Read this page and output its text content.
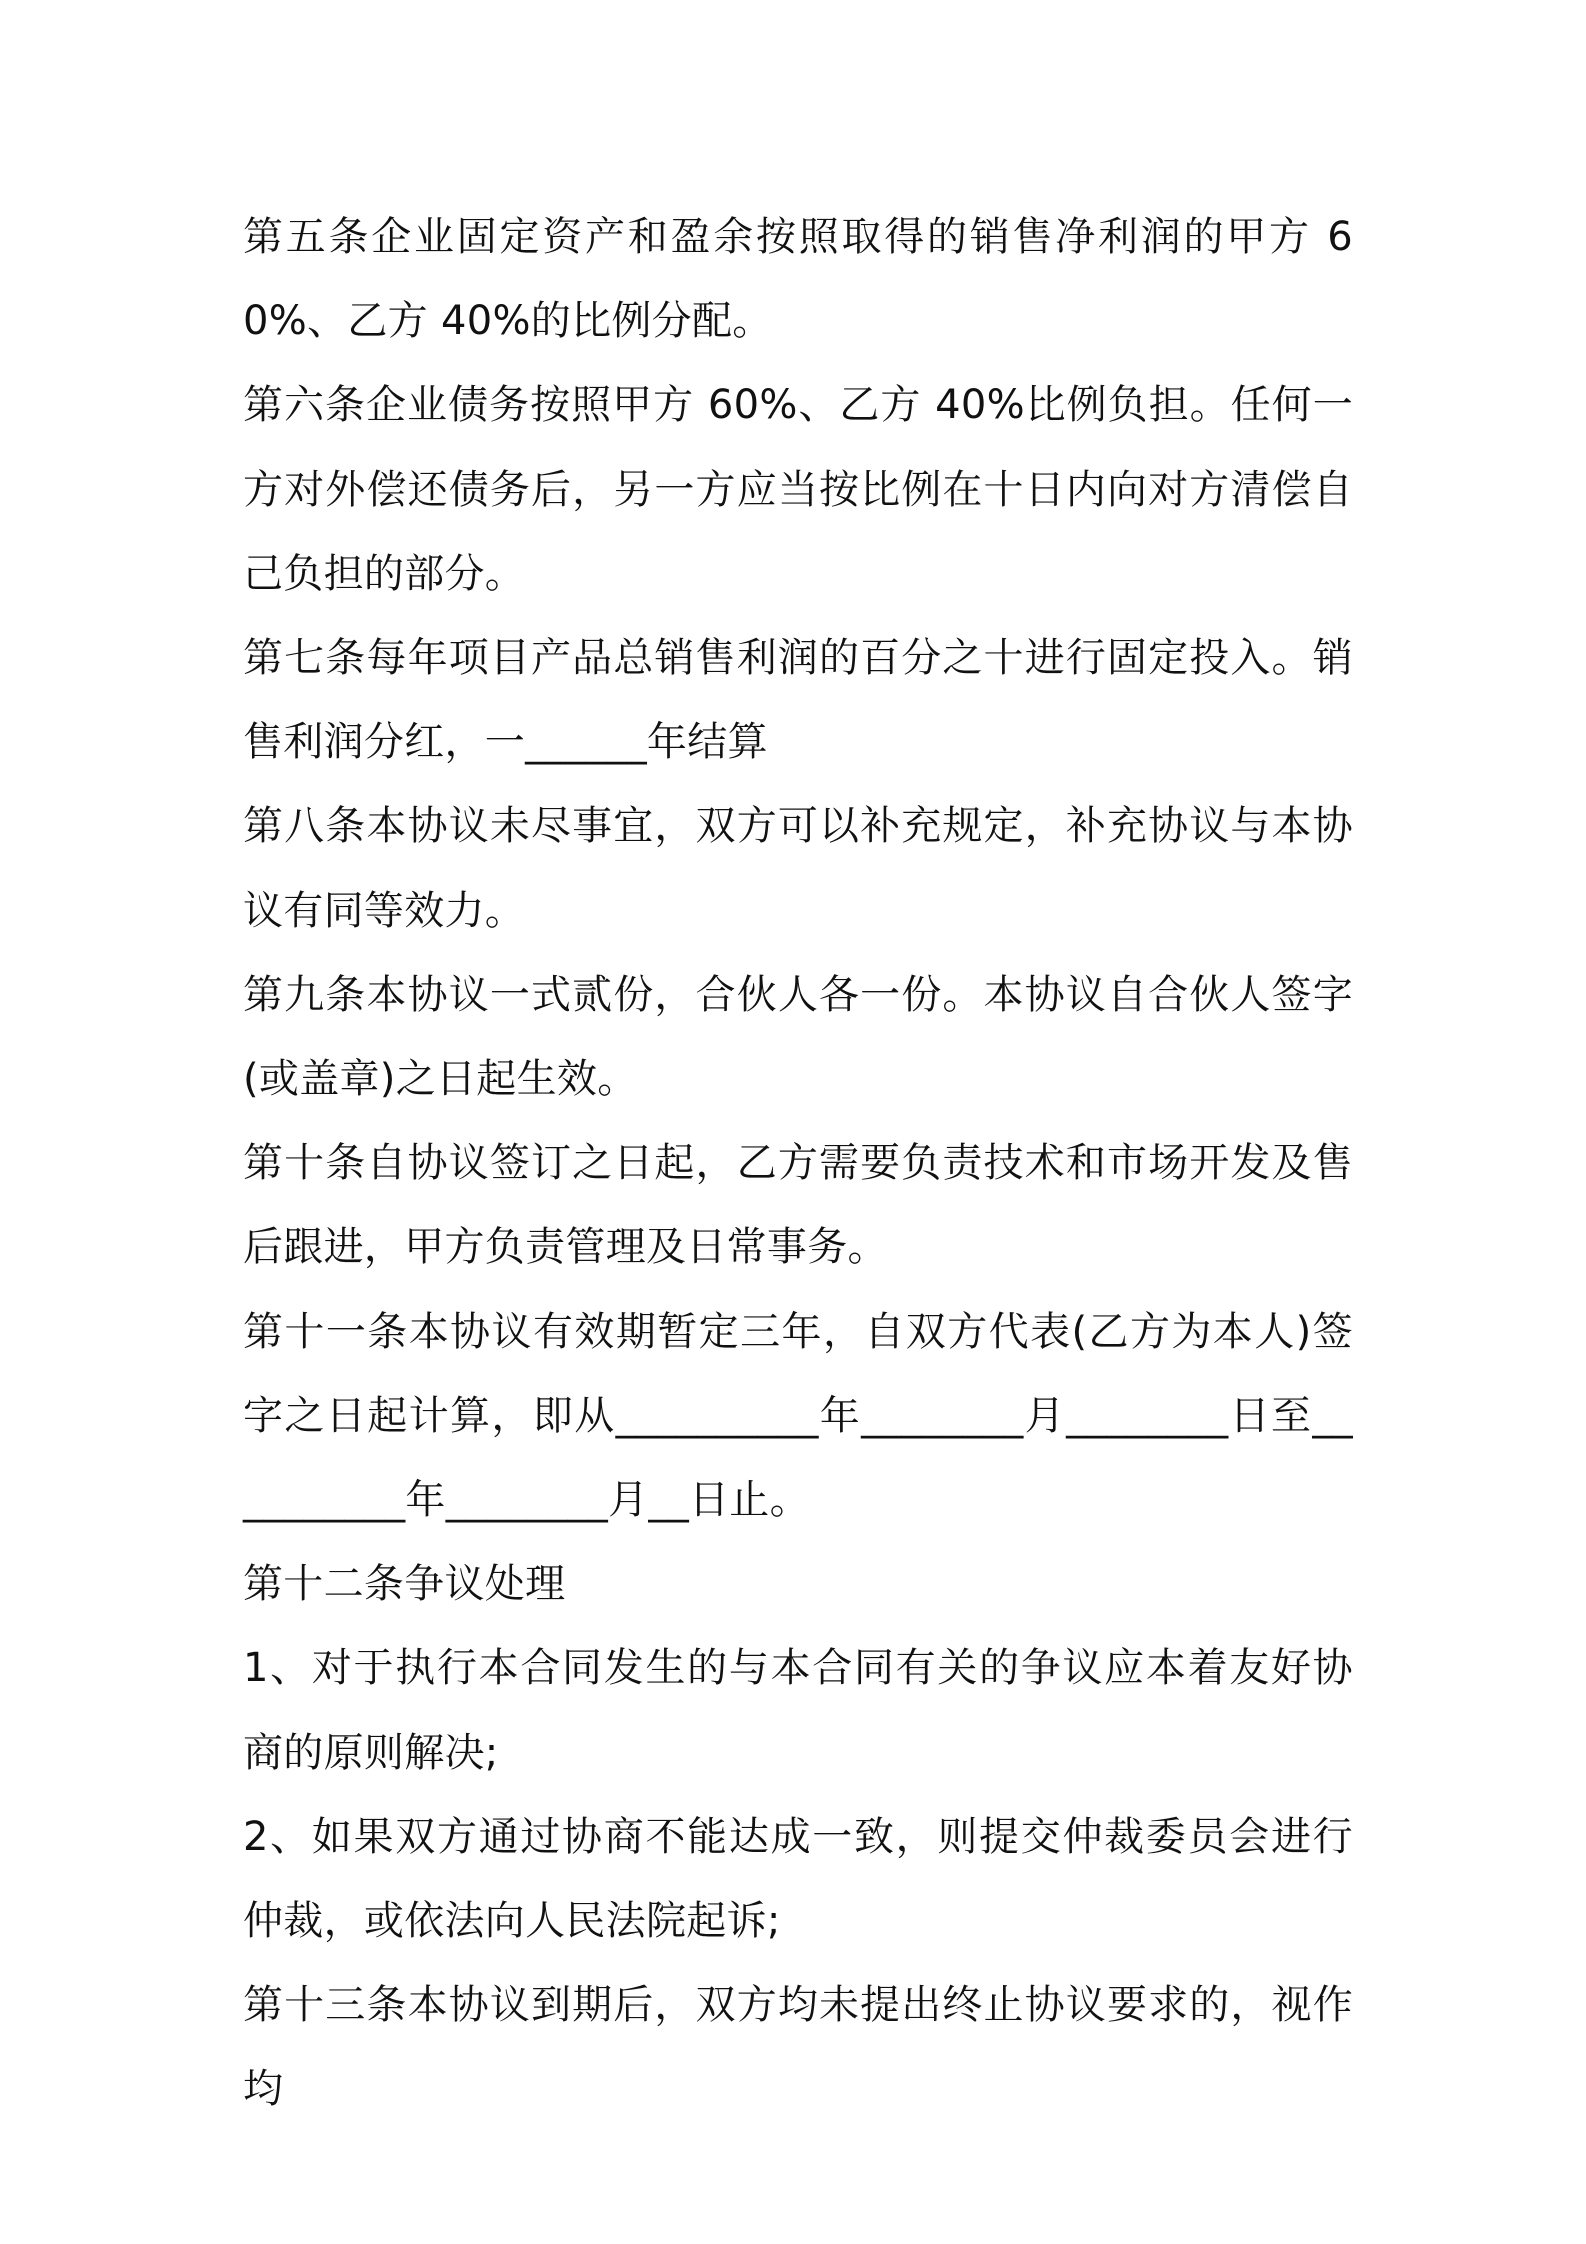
第五条企业固定资产和盈余按照取得的销售净利润的甲方 60%、乙方 40%的比例分配。

第六条企业债务按照甲方 60%、乙方 40%比例负担。任何一方对外偿还债务后，另一方应当按比例在十日内向对方清偿自己负担的部分。

第七条每年项目产品总销售利润的百分之十进行固定投入。销售利润分红，一______年结算

第八条本协议未尽事宜，双方可以补充规定，补充协议与本协议有同等效力。

第九条本协议一式贰份，合伙人各一份。本协议自合伙人签字(或盖章)之日起生效。

第十条自协议签订之日起，乙方需要负责技术和市场开发及售后跟进，甲方负责管理及日常事务。

第十一条本协议有效期暂定三年，自双方代表(乙方为本人)签字之日起计算，即从__________年________月________日至__________年________月__日止。

第十二条争议处理

1、对于执行本合同发生的与本合同有关的争议应本着友好协商的原则解决;

2、如果双方通过协商不能达成一致，则提交仲裁委员会进行仲裁，或依法向人民法院起诉;

第十三条本协议到期后，双方均未提出终止协议要求的，视作均
